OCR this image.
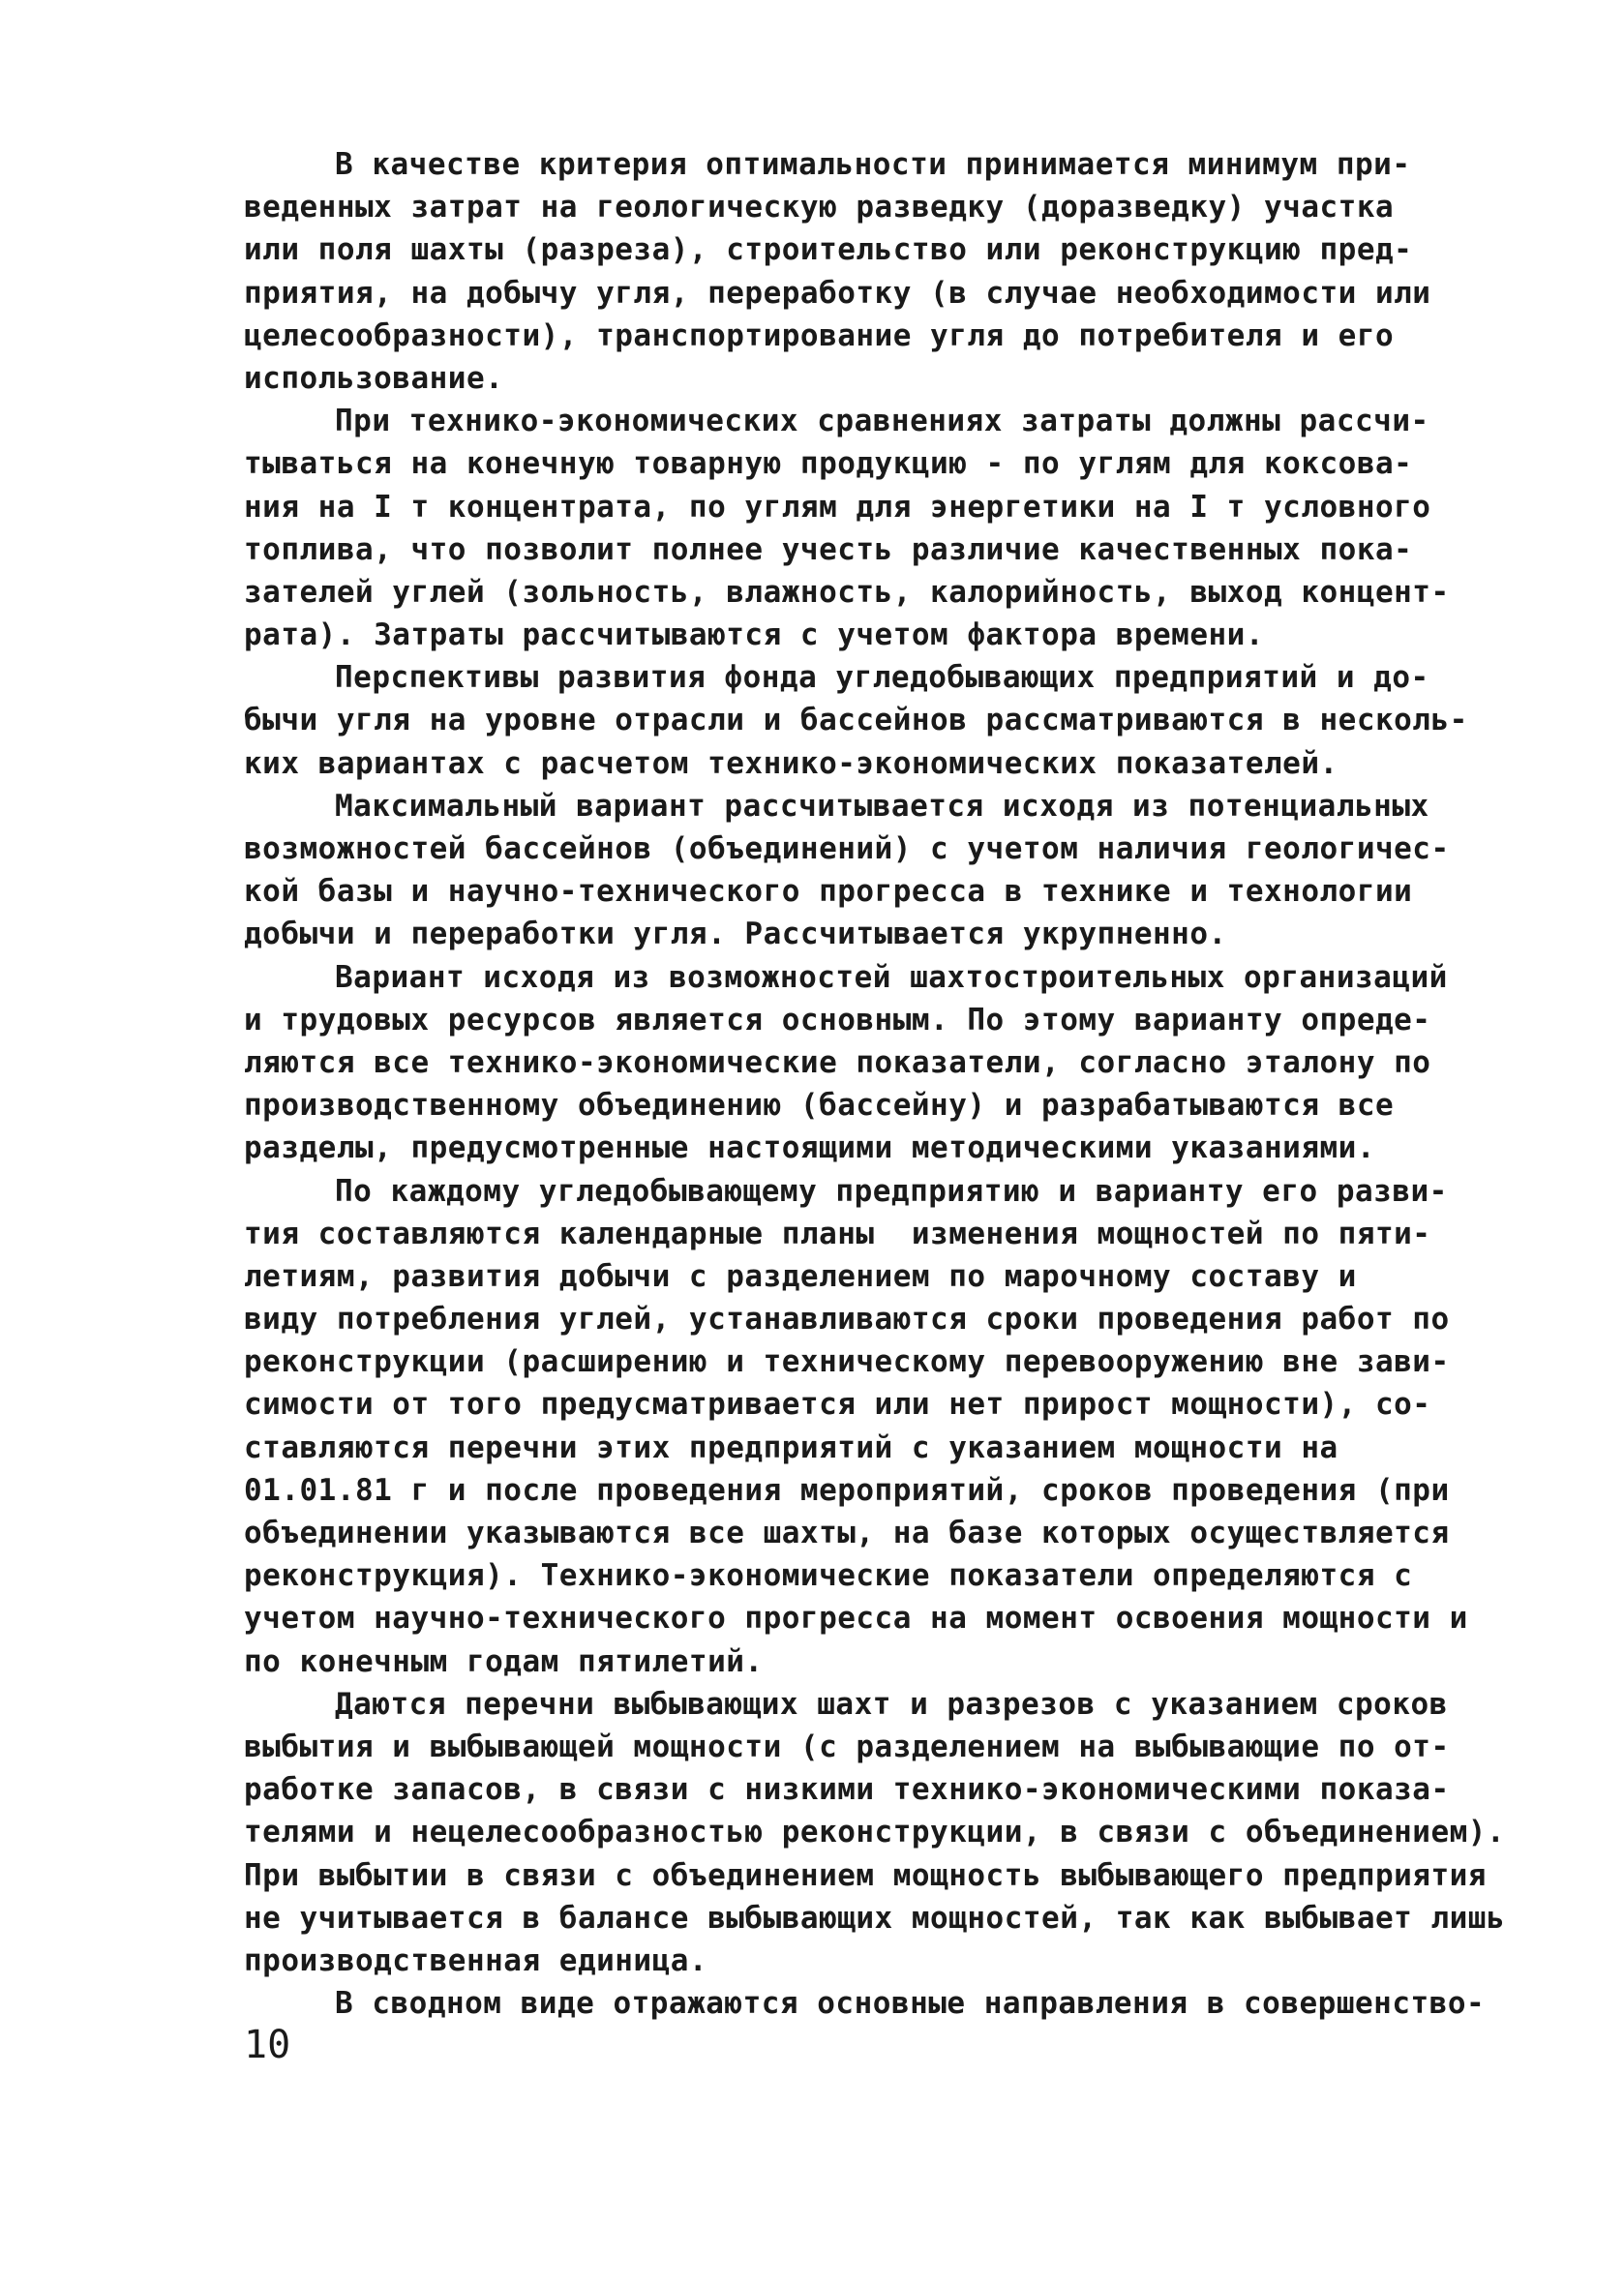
В качестве критерия оптимальности принимается минимум при-
веденных затрат на геологическую разведку (доразведку) участка
или поля шахты (разреза), строительство или реконструкцию пред-
приятия, на добычу угля, переработку (в случае необходимости или
целесообразности), транспортирование угля до потребителя и его
использование.
При технико-экономических сравнениях затраты должны рассчи-
тываться на конечную товарную продукцию - по углям для коксова-
ния на I т концентрата, по углям для энергетики на I т условного
топлива, что позволит полнее учесть различие качественных пока-
зателей углей (зольность, влажность, калорийность, выход концент-
рата). Затраты рассчитываются с учетом фактора времени.
Перспективы развития фонда угледобывающих предприятий и до-
бычи угля на уровне отрасли и бассейнов рассматриваются в несколь-
ких вариантах с расчетом технико-экономических показателей.
Максимальный вариант рассчитывается исходя из потенциальных
возможностей бассейнов (объединений) с учетом наличия геологичес-
кой базы и научно-технического прогресса в технике и технологии
добычи и переработки угля. Рассчитывается укрупненно.
Вариант исходя из возможностей шахтостроительных организаций
и трудовых ресурсов является основным. По этому варианту опреде-
ляются все технико-экономические показатели, согласно эталону по
производственному объединению (бассейну) и разрабатываются все
разделы, предусмотренные настоящими методическими указаниями.
По каждому угледобывающему предприятию и варианту его разви-
тия составляются календарные планы  изменения мощностей по пяти-
летиям, развития добычи с разделением по марочному составу и
виду потребления углей, устанавливаются сроки проведения работ по
реконструкции (расширению и техническому перевооружению вне зави-
симости от того предусматривается или нет прирост мощности), со-
ставляются перечни этих предприятий с указанием мощности на
01.01.81 г и после проведения мероприятий, сроков проведения (при
объединении указываются все шахты, на базе которых осуществляется
реконструкция). Технико-экономические показатели определяются с
учетом научно-технического прогресса на момент освоения мощности и
по конечным годам пятилетий.
Даются перечни выбывающих шахт и разрезов с указанием сроков
выбытия и выбывающей мощности (с разделением на выбывающие по от-
работке запасов, в связи с низкими технико-экономическими показа-
телями и нецелесообразностью реконструкции, в связи с объединением).
При выбытии в связи с объединением мощность выбывающего предприятия
не учитывается в балансе выбывающих мощностей, так как выбывает лишь
производственная единица.
В сводном виде отражаются основные направления в совершенство-
10
